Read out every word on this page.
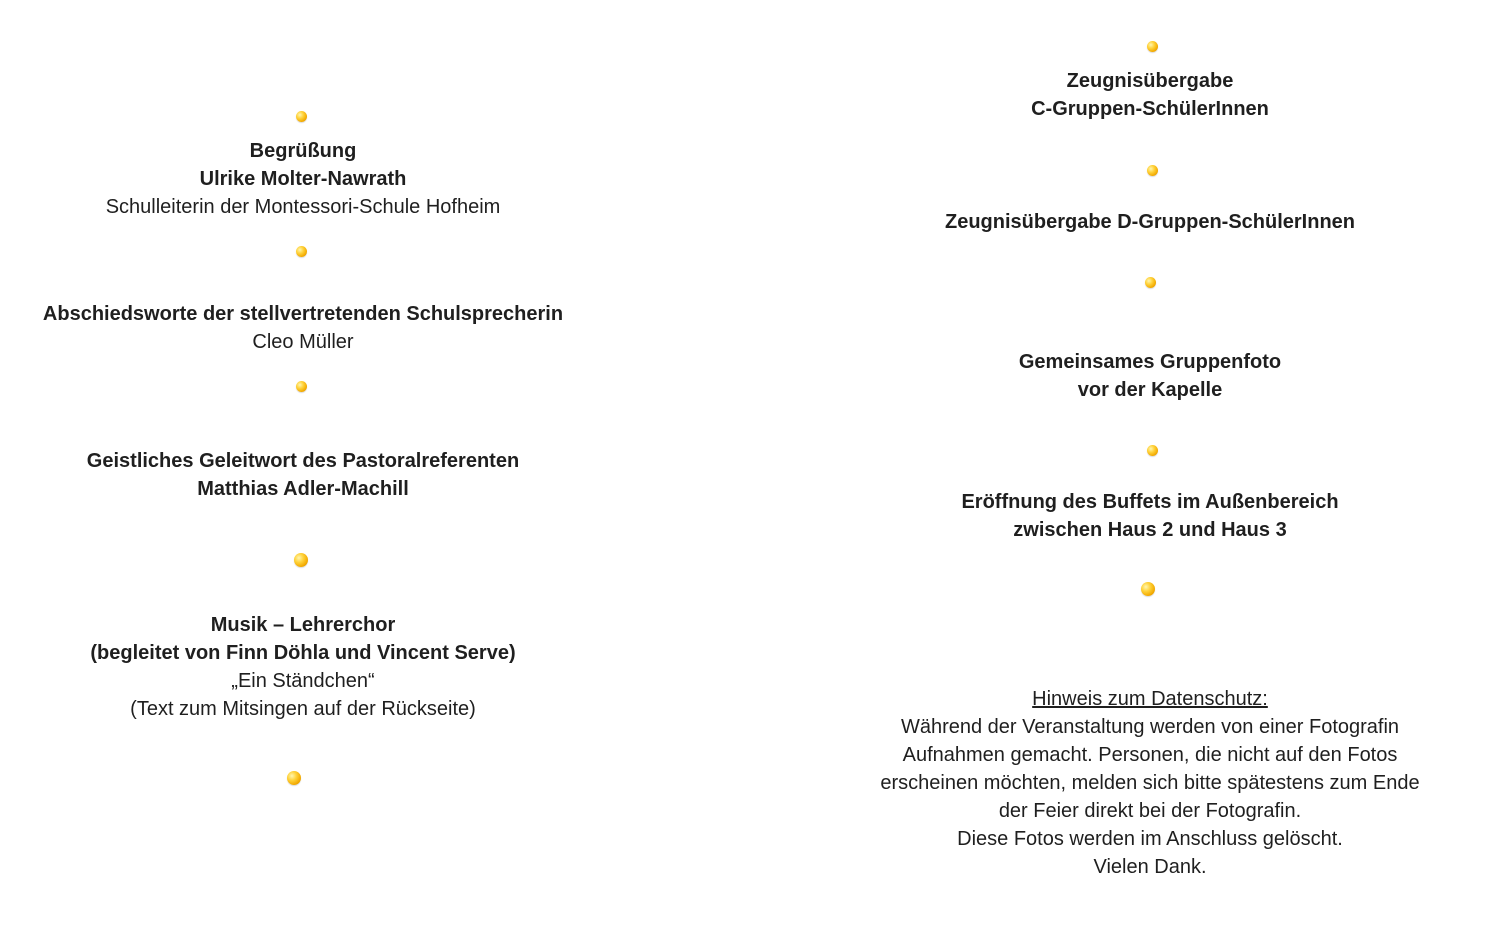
Begrüßung
Ulrike Molter-Nawrath
Schulleiterin der Montessori-Schule Hofheim
Abschiedsworte der stellvertretenden Schulsprecherin
Cleo Müller
Geistliches Geleitwort des Pastoralreferenten
Matthias Adler-Machill
Musik – Lehrerchor
(begleitet von Finn Döhla und Vincent Serve)
„Ein Ständchen“
(Text zum Mitsingen auf der Rückseite)
Zeugnisübergabe
C-Gruppen-SchülerInnen
Zeugnisübergabe D-Gruppen-SchülerInnen
Gemeinsames Gruppenfoto
vor der Kapelle
Eröffnung des Buffets im Außenbereich
zwischen Haus 2 und Haus 3
Hinweis zum Datenschutz:
Während der Veranstaltung werden von einer Fotografin
Aufnahmen gemacht. Personen, die nicht auf den Fotos
erscheinen möchten, melden sich bitte spätestens zum Ende
der Feier direkt bei der Fotografin.
Diese Fotos werden im Anschluss gelöscht.
Vielen Dank.
